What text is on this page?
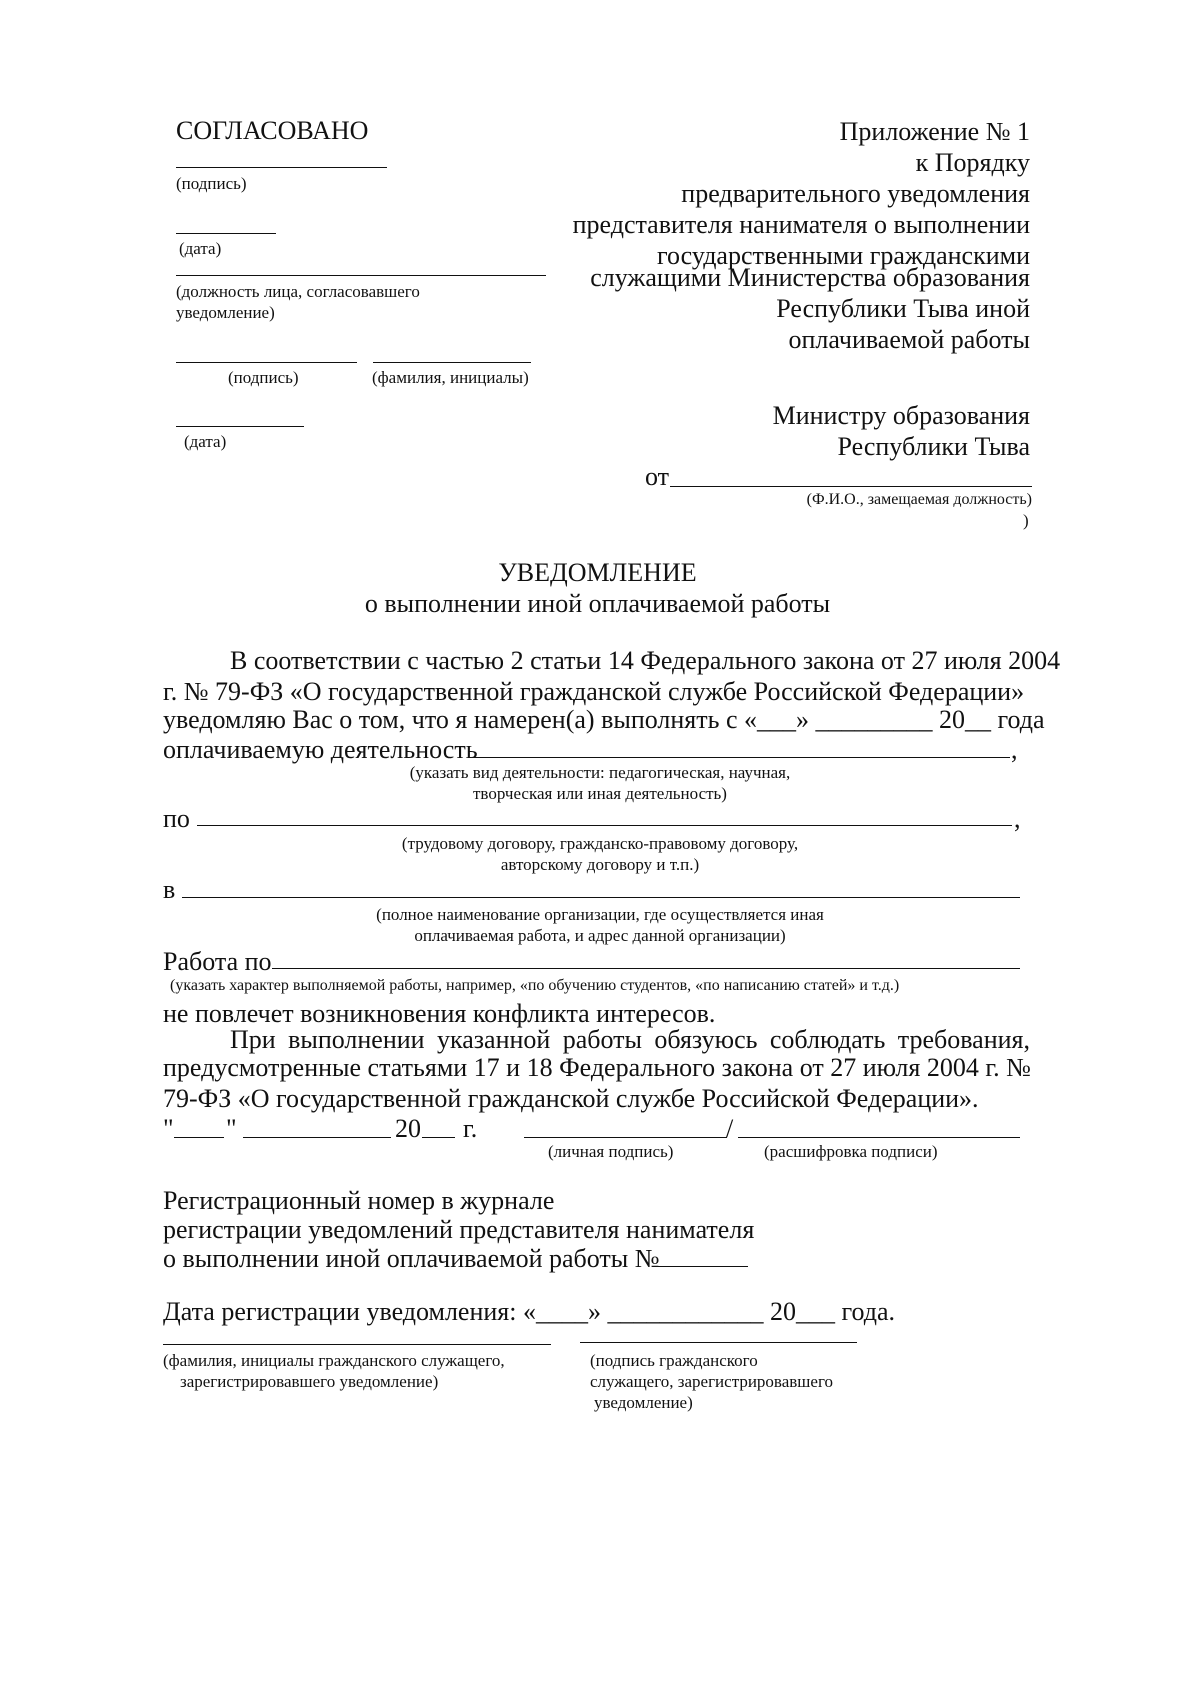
СОГЛАСОВАНО
(подпись)
(дата)
(должность лица, согласовавшего
уведомление)
(подпись)	(фамилия, инициалы)
(дата)
Приложение № 1
к Порядку
предварительного уведомления
представителя нанимателя о выполнении
государственными гражданскими
служащими Министерства образования
Республики Тыва иной
оплачиваемой работы
Министру образования
Республики Тыва
от
(Ф.И.О., замещаемая должность)
)
УВЕДОМЛЕНИЕ
о выполнении иной оплачиваемой работы
В соответствии с частью 2 статьи 14 Федерального закона от 27 июля 2004
г. № 79-ФЗ «О государственной гражданской службе Российской Федерации»
уведомляю Вас о том, что я намерен(а) выполнять с «___» _________ 20__ года
оплачиваемую деятельность	,
(указать вид деятельности: педагогическая, научная,
творческая или иная деятельность)
по	,
(трудовому договору, гражданско-правовому договору,
авторскому договору и т.п.)
в
(полное наименование организации, где осуществляется иная
оплачиваемая работа, и адрес данной организации)
Работа по
(указать характер выполняемой работы, например, «по обучению студентов, «по написанию статей» и т.д.)
не повлечет возникновения конфликта интересов.
При выполнении указанной работы обязуюсь соблюдать требования,
предусмотренные статьями 17 и 18 Федерального закона от 27 июля 2004 г. №
79-ФЗ «О государственной гражданской службе Российской Федерации».
" "	20 г.	/
(личная подпись)	(расшифровка подписи)
Регистрационный номер в журнале
регистрации уведомлений представителя нанимателя
о выполнении иной оплачиваемой работы №
Дата регистрации уведомления: «____» ____________ 20___ года.
(фамилия, инициалы гражданского служащего,
зарегистрировавшего уведомление)
(подпись гражданского
служащего, зарегистрировавшего
уведомление)
